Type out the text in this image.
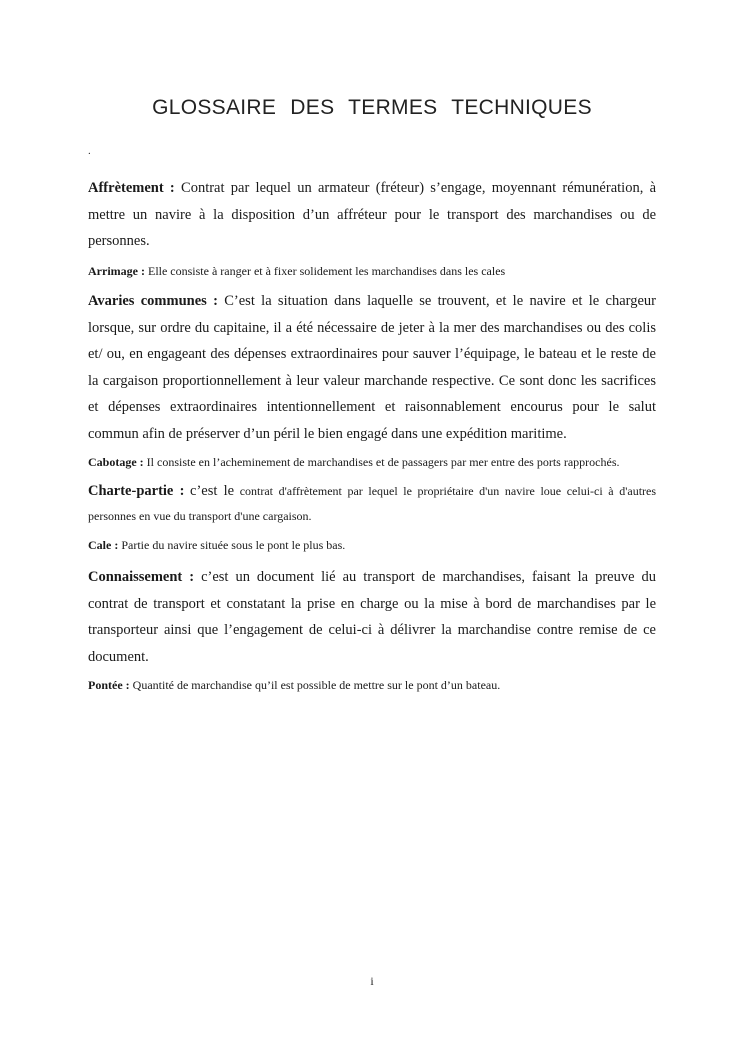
GLOSSAIRE DES TERMES TECHNIQUES
.

Affrètement : Contrat par lequel un armateur (fréteur) s’engage, moyennant rémunération, à mettre un navire à la disposition d’un affréteur pour le transport des marchandises ou de personnes.

Arrimage : Elle consiste à ranger et à fixer solidement les marchandises dans les cales

Avaries communes : C’est la situation dans laquelle se trouvent, et le navire et le chargeur lorsque, sur ordre du capitaine, il a été nécessaire de jeter à la mer des marchandises ou des colis et/ ou, en engageant des dépenses extraordinaires pour sauver l’équipage, le bateau et le reste de la cargaison proportionnellement à leur valeur marchande respective. Ce sont donc les sacrifices et dépenses extraordinaires intentionnellement et raisonnablement encourus pour le salut commun afin de préserver d’un péril le bien engagé dans une expédition maritime.

Cabotage : Il consiste en l’acheminement de marchandises et de passagers par mer entre des ports rapprochés.

Charte-partie : c’est le contrat d'affrètement par lequel le propriétaire d'un navire loue celui-ci à d'autres personnes en vue du transport d'une cargaison.

Cale : Partie du navire située sous le pont le plus bas.

Connaissement : c’est un document lié au transport de marchandises, faisant la preuve du contrat de transport et constatant la prise en charge ou la mise à bord de marchandises par le transporteur ainsi que l’engagement de celui-ci à délivrer la marchandise contre remise de ce document.

Pontée : Quantité de marchandise qu’il est possible de mettre sur le pont d’un bateau.

i
